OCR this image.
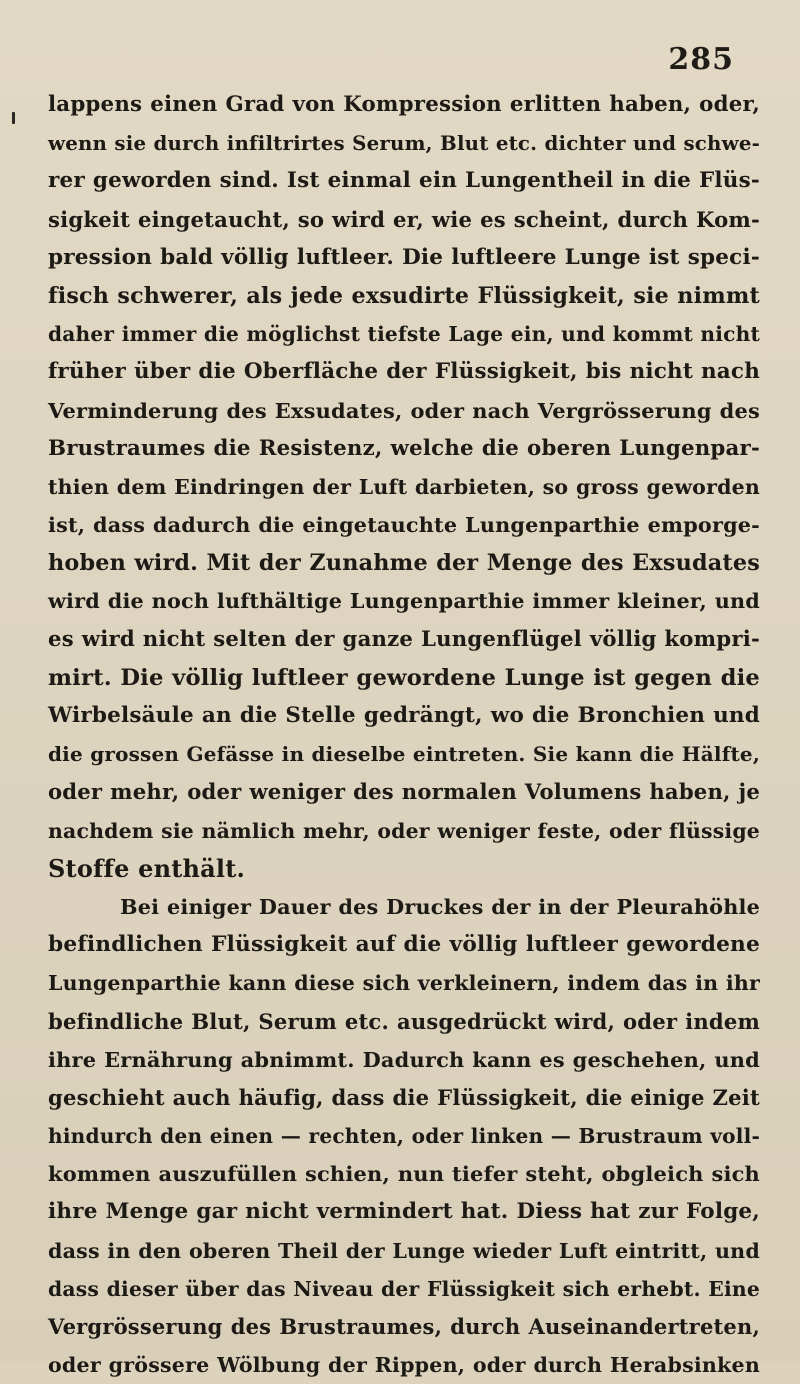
285
lappens einen Grad von Kompression erlitten haben, oder,
wenn sie durch infiltrirtes Serum, Blut etc. dichter und schwe-
rer geworden sind. Ist einmal ein Lungentheil in die Flüs-
sigkeit eingetaucht, so wird er, wie es scheint, durch Kom-
pression bald völlig luftleer. Die luftleere Lunge ist speci-
fisch schwerer, als jede exsudirte Flüssigkeit, sie nimmt
daher immer die möglichst tiefste Lage ein, und kommt nicht
früher über die Oberfläche der Flüssigkeit, bis nicht nach
Verminderung des Exsudates, oder nach Vergrösserung des
Brustraumes die Resistenz, welche die oberen Lungenpar-
thien dem Eindringen der Luft darbieten, so gross geworden
ist, dass dadurch die eingetauchte Lungenparthie emporge-
hoben wird. Mit der Zunahme der Menge des Exsudates
wird die noch lufthältige Lungenparthie immer kleiner, und
es wird nicht selten der ganze Lungenflügel völlig kompri-
mirt. Die völlig luftleer gewordene Lunge ist gegen die
Wirbelsäule an die Stelle gedrängt, wo die Bronchien und
die grossen Gefässe in dieselbe eintreten. Sie kann die Hälfte,
oder mehr, oder weniger des normalen Volumens haben, je
nachdem sie nämlich mehr, oder weniger feste, oder flüssige
Stoffe enthält.
Bei einiger Dauer des Druckes der in der Pleurahöhle
befindlichen Flüssigkeit auf die völlig luftleer gewordene
Lungenparthie kann diese sich verkleinern, indem das in ihr
befindliche Blut, Serum etc. ausgedrückt wird, oder indem
ihre Ernährung abnimmt. Dadurch kann es geschehen, und
geschieht auch häufig, dass die Flüssigkeit, die einige Zeit
hindurch den einen — rechten, oder linken — Brustraum voll-
kommen auszufüllen schien, nun tiefer steht, obgleich sich
ihre Menge gar nicht vermindert hat. Diess hat zur Folge,
dass in den oberen Theil der Lunge wieder Luft eintritt, und
dass dieser über das Niveau der Flüssigkeit sich erhebt. Eine
Vergrösserung des Brustraumes, durch Auseinandertreten,
oder grössere Wölbung der Rippen, oder durch Herabsinken
